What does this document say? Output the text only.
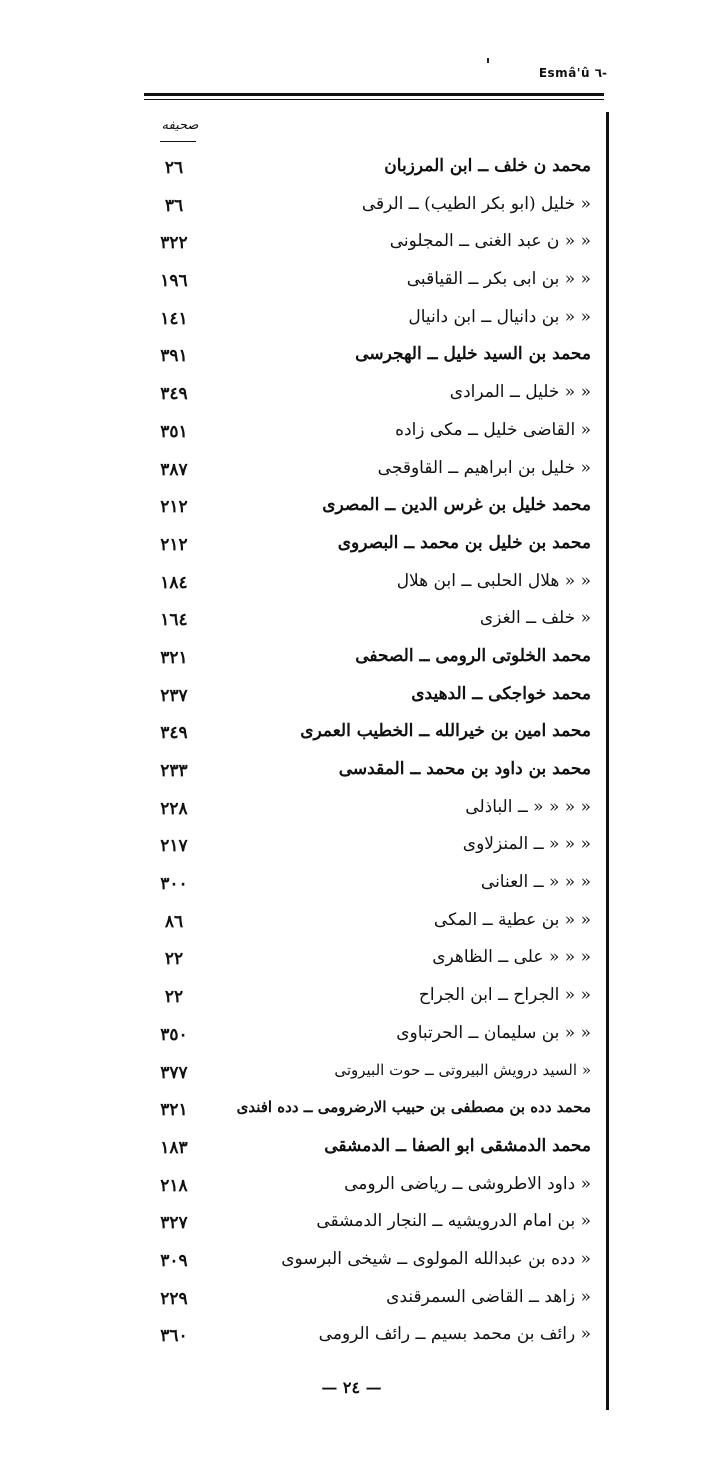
Esmâ'û ٦-
صحيفه
٢٦	محمد ن خلف ــ ابن المرزبان
٣٦	« خليل (ابو بكر الطيب) ــ الرقى
٣٢٢	« « ن عبد الغنى ــ المجلونى
١٩٦	« « بن ابى بكر ــ القياقبى
١٤١	« « بن دانيال ــ ابن دانيال
٣٩١	محمد بن السيد خليل ــ الهجرسى
٣٤٩	« « خليل ــ المرادى
٣٥١	« القاضى خليل ــ مكى زاده
٣٨٧	« خليل بن ابراهيم ــ القاوقجى
٢١٢	محمد خليل بن غرس الدين ــ المصرى
٢١٢	محمد بن خليل بن محمد ــ البصروى
١٨٤	« « هلال الحلبى ــ ابن هلال
١٦٤	« خلف ــ الغزى
٣٢١	محمد الخلوتى الرومى ــ الصحفى
٢٣٧	محمد خواجكى ــ الدهيدى
٣٤٩	محمد امين بن خيرالله ــ الخطيب العمرى
٢٣٣	محمد بن داود بن محمد ــ المقدسى
٢٢٨	« « « « ــ الباذلى
٢١٧	« « « ــ المنزلاوى
٣٠٠	« « « ــ العنانى
٨٦	« « بن عطية ــ المكى
٢٢	« « « على ــ الظاهرى
٢٢	« « الجراح ــ ابن الجراح
٣٥٠	« « بن سليمان ــ الحرتباوى
٣٧٧	« السيد درويش البيروتى ــ حوت البيروتى
٣٢١	محمد دده بن مصطفى بن حبيب الارضرومى ــ دده افندى
١٨٣	محمد الدمشقى ابو الصفا ــ الدمشقى
٢١٨	« داود الاطروشى ــ رياضى الرومى
٣٢٧	« بن امام الدرويشيه ــ النجار الدمشقى
٣٠٩	« دده بن عبدالله المولوى ــ شيخى البرسوى
٢٢٩	« زاهد ــ القاضى السمرقندى
٣٦٠	« رائف بن محمد بسيم ــ رائف الرومى
— ٢٤ —
